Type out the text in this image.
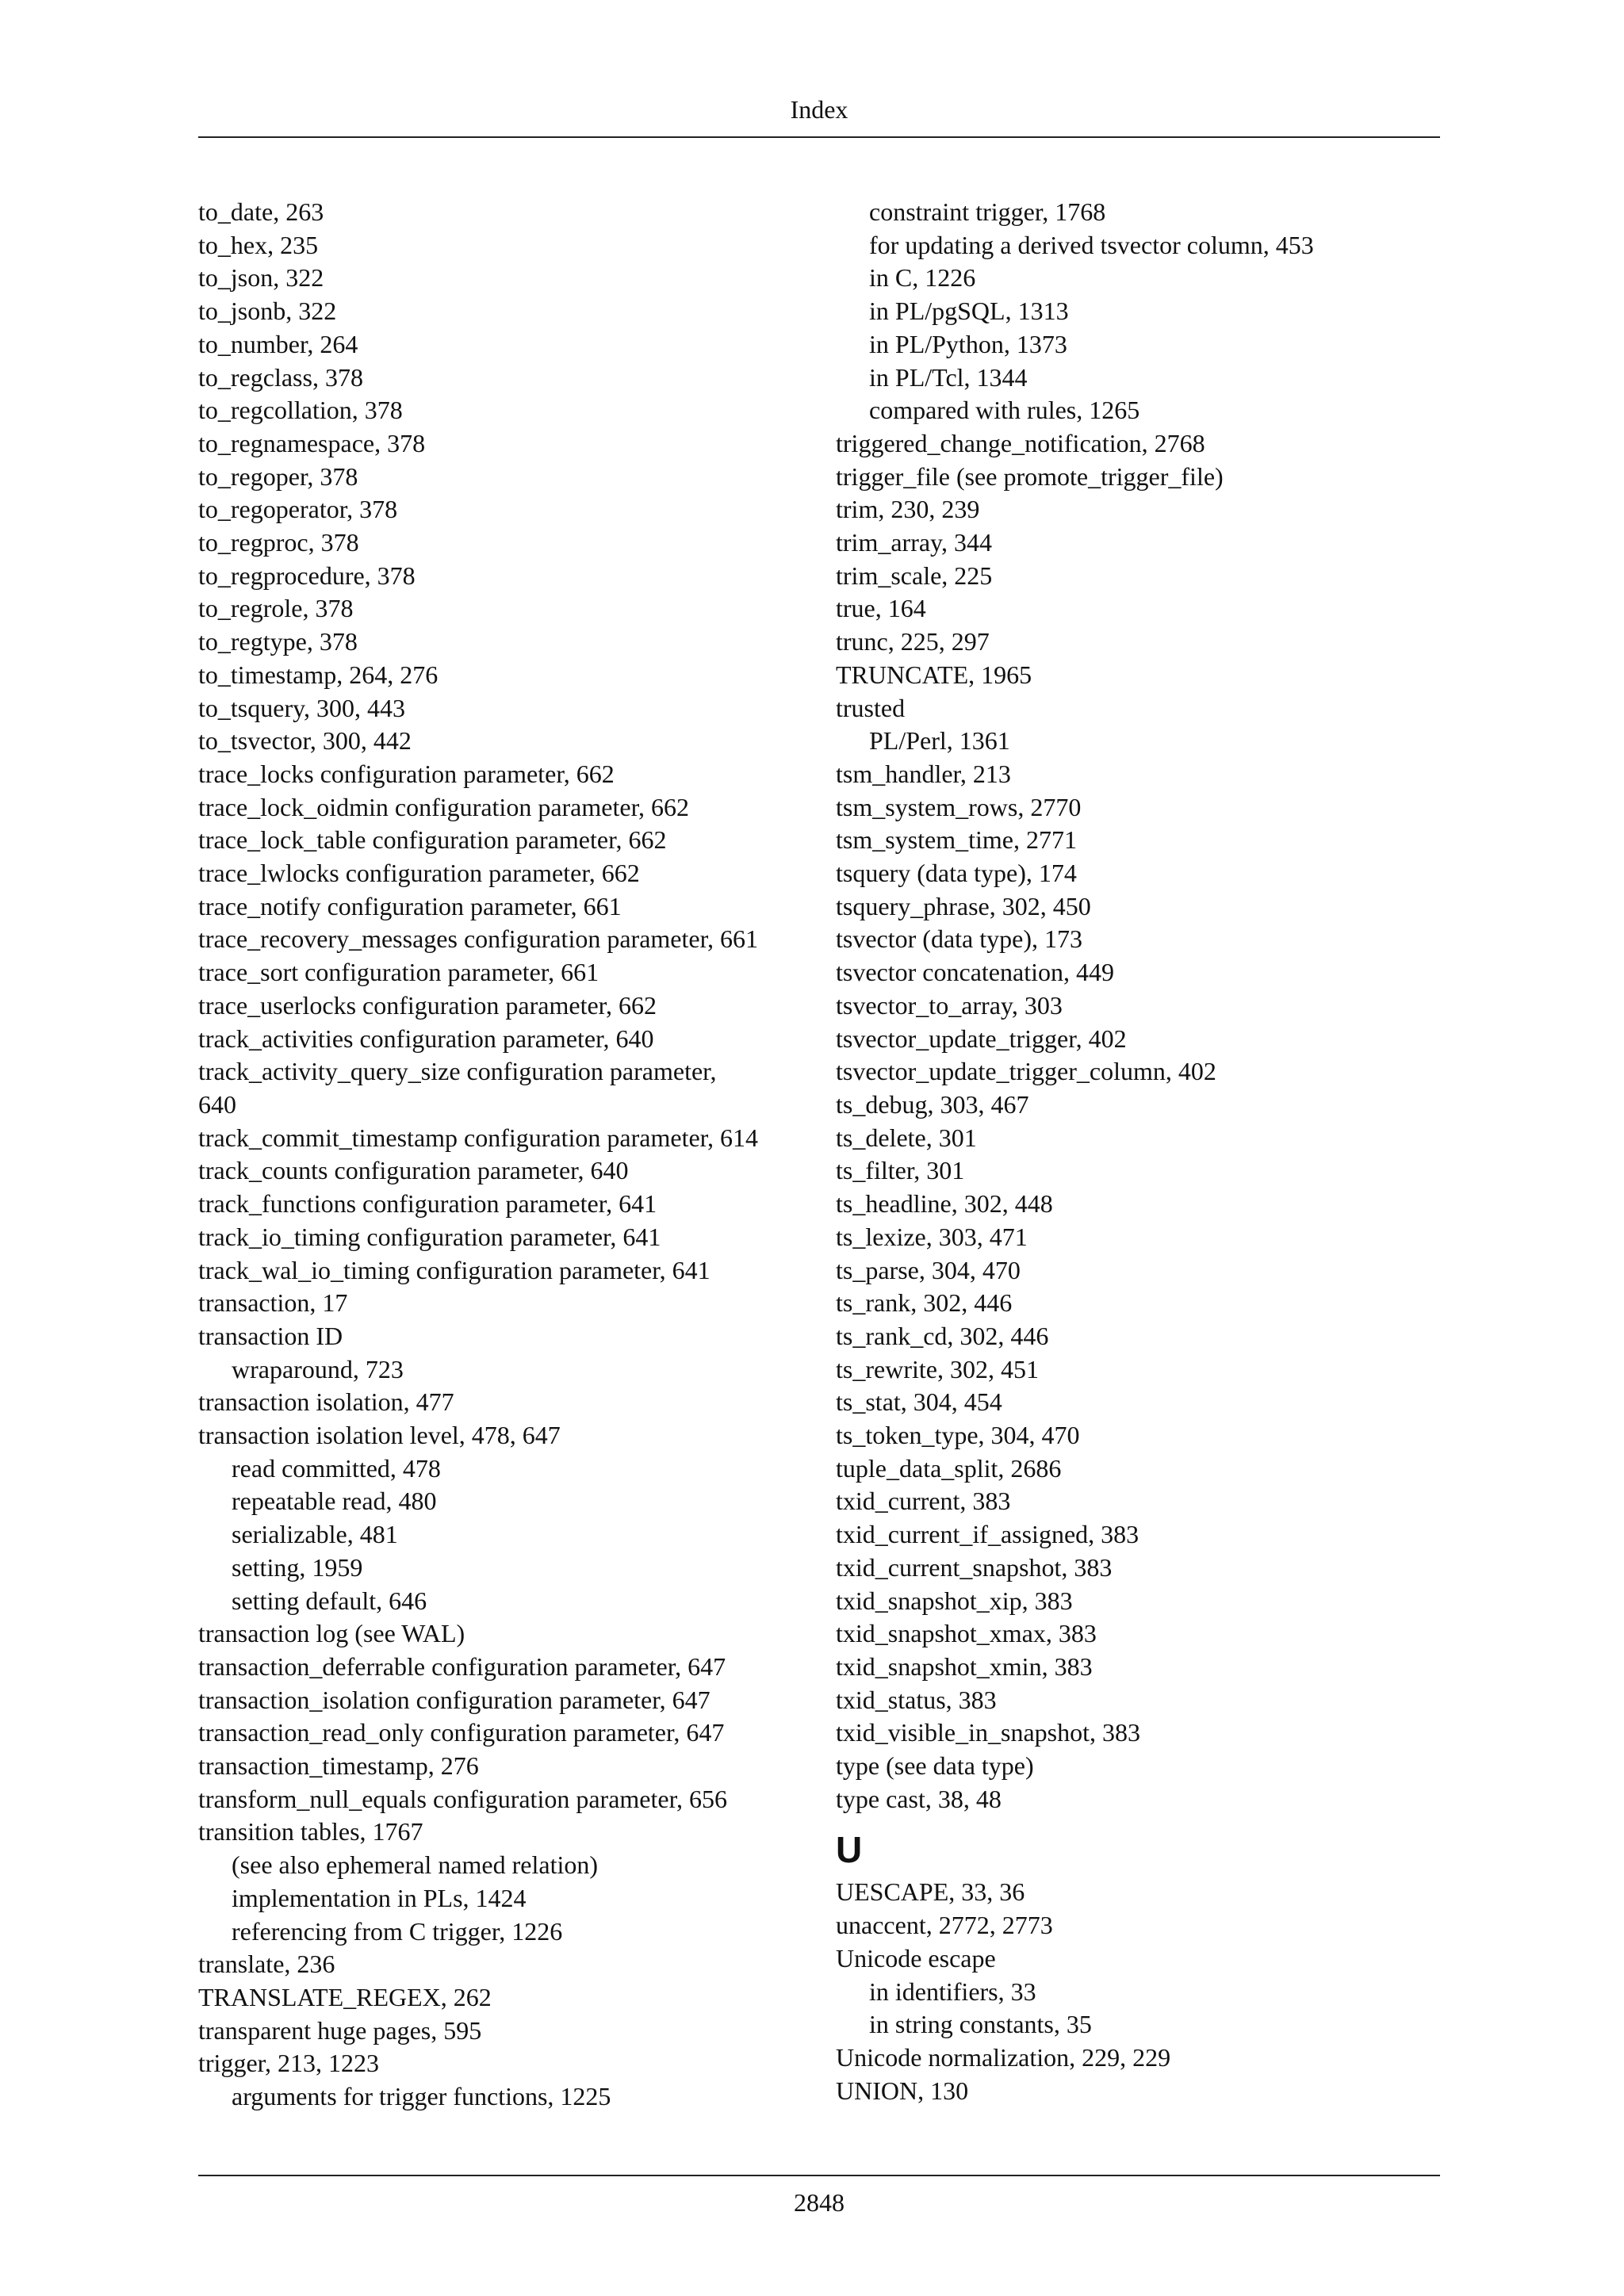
Index
to_date, 263
to_hex, 235
to_json, 322
to_jsonb, 322
to_number, 264
to_regclass, 378
to_regcollation, 378
to_regnamespace, 378
to_regoper, 378
to_regoperator, 378
to_regproc, 378
to_regprocedure, 378
to_regrole, 378
to_regtype, 378
to_timestamp, 264, 276
to_tsquery, 300, 443
to_tsvector, 300, 442
trace_locks configuration parameter, 662
trace_lock_oidmin configuration parameter, 662
trace_lock_table configuration parameter, 662
trace_lwlocks configuration parameter, 662
trace_notify configuration parameter, 661
trace_recovery_messages configuration parameter, 661
trace_sort configuration parameter, 661
trace_userlocks configuration parameter, 662
track_activities configuration parameter, 640
track_activity_query_size configuration parameter,
640
track_commit_timestamp configuration parameter, 614
track_counts configuration parameter, 640
track_functions configuration parameter, 641
track_io_timing configuration parameter, 641
track_wal_io_timing configuration parameter, 641
transaction, 17
transaction ID
wraparound, 723
transaction isolation, 477
transaction isolation level, 478, 647
read committed, 478
repeatable read, 480
serializable, 481
setting, 1959
setting default, 646
transaction log (see WAL)
transaction_deferrable configuration parameter, 647
transaction_isolation configuration parameter, 647
transaction_read_only configuration parameter, 647
transaction_timestamp, 276
transform_null_equals configuration parameter, 656
transition tables, 1767
(see also ephemeral named relation)
implementation in PLs, 1424
referencing from C trigger, 1226
translate, 236
TRANSLATE_REGEX, 262
transparent huge pages, 595
trigger, 213, 1223
arguments for trigger functions, 1225
constraint trigger, 1768
for updating a derived tsvector column, 453
in C, 1226
in PL/pgSQL, 1313
in PL/Python, 1373
in PL/Tcl, 1344
compared with rules, 1265
triggered_change_notification, 2768
trigger_file (see promote_trigger_file)
trim, 230, 239
trim_array, 344
trim_scale, 225
true, 164
trunc, 225, 297
TRUNCATE, 1965
trusted
PL/Perl, 1361
tsm_handler, 213
tsm_system_rows, 2770
tsm_system_time, 2771
tsquery (data type), 174
tsquery_phrase, 302, 450
tsvector (data type), 173
tsvector concatenation, 449
tsvector_to_array, 303
tsvector_update_trigger, 402
tsvector_update_trigger_column, 402
ts_debug, 303, 467
ts_delete, 301
ts_filter, 301
ts_headline, 302, 448
ts_lexize, 303, 471
ts_parse, 304, 470
ts_rank, 302, 446
ts_rank_cd, 302, 446
ts_rewrite, 302, 451
ts_stat, 304, 454
ts_token_type, 304, 470
tuple_data_split, 2686
txid_current, 383
txid_current_if_assigned, 383
txid_current_snapshot, 383
txid_snapshot_xip, 383
txid_snapshot_xmax, 383
txid_snapshot_xmin, 383
txid_status, 383
txid_visible_in_snapshot, 383
type (see data type)
type cast, 38, 48
U
UESCAPE, 33, 36
unaccent, 2772, 2773
Unicode escape
in identifiers, 33
in string constants, 35
Unicode normalization, 229, 229
UNION, 130
2848
